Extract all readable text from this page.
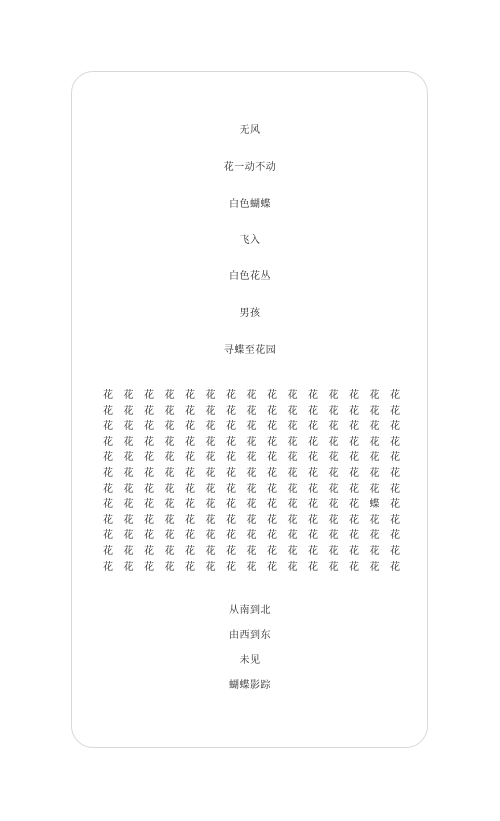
无风
花一动不动
白色蝴蝶
飞入
白色花丛
男孩
寻蝶至花园
花 花 花 花 花 花 花 花 花 花 花 花 花 花 花
花 花 花 花 花 花 花 花 花 花 花 花 花 花 花
花 花 花 花 花 花 花 花 花 花 花 花 花 花 花
花 花 花 花 花 花 花 花 花 花 花 花 花 花 花
花 花 花 花 花 花 花 花 花 花 花 花 花 花 花
花 花 花 花 花 花 花 花 花 花 花 花 花 花 花
花 花 花 花 花 花 花 花 花 花 花 花 花 花 花
花 花 花 花 花 花 花 花 花 花 花 花 花 蝶 花
花 花 花 花 花 花 花 花 花 花 花 花 花 花 花
花 花 花 花 花 花 花 花 花 花 花 花 花 花 花
花 花 花 花 花 花 花 花 花 花 花 花 花 花 花
花 花 花 花 花 花 花 花 花 花 花 花 花 花 花
从南到北
由西到东
未见
蝴蝶影踪
